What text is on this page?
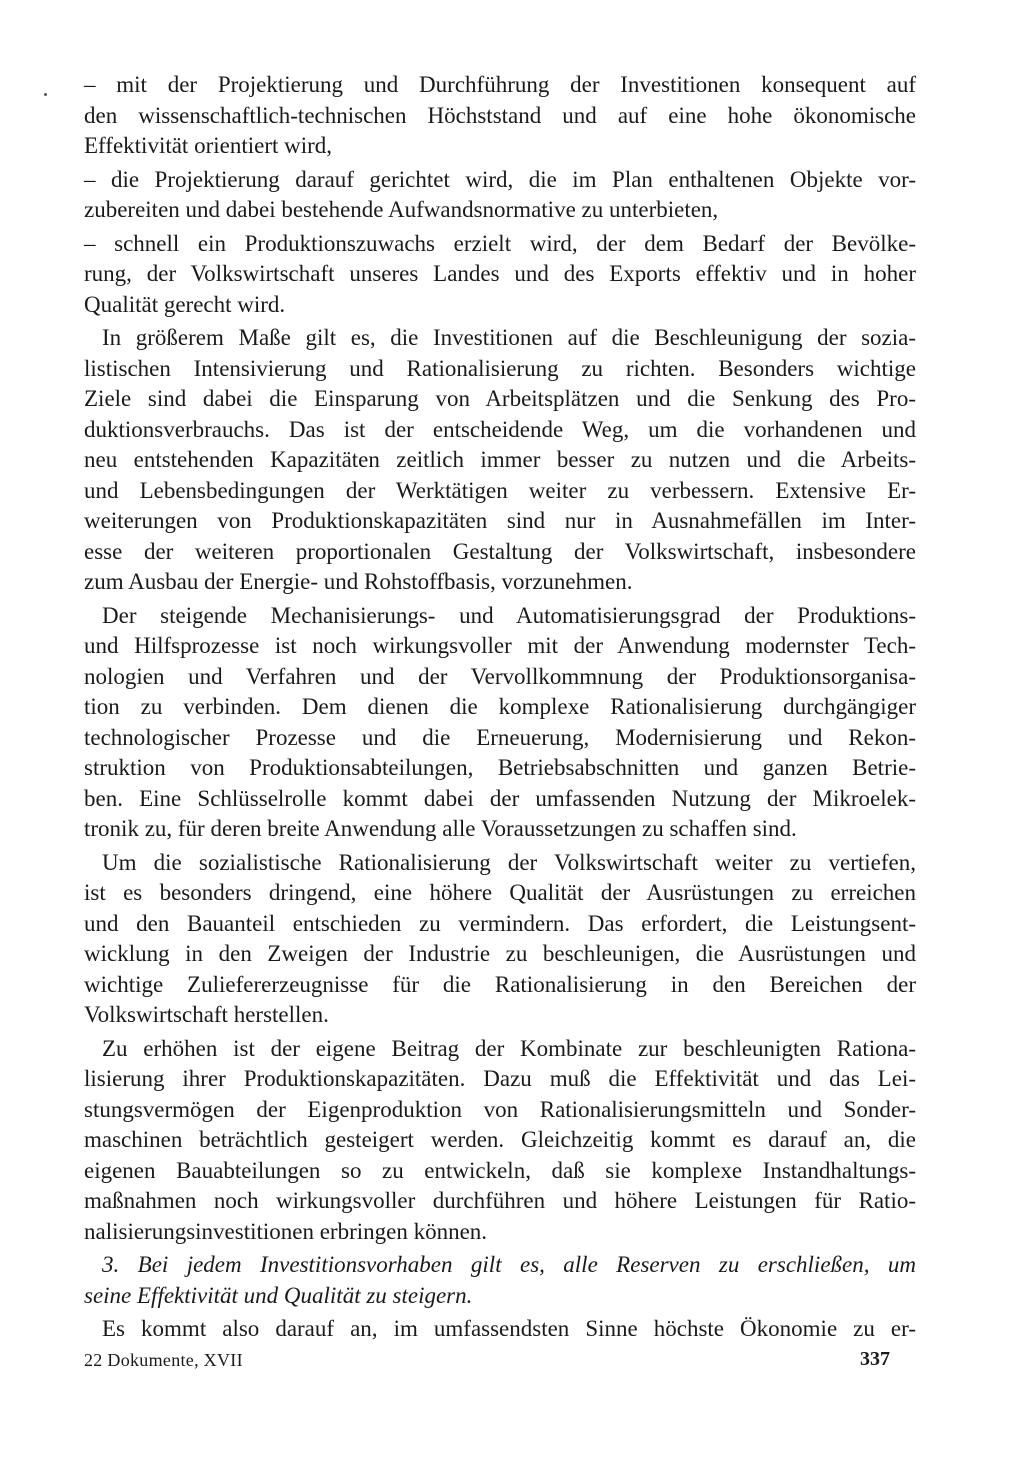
– mit der Projektierung und Durchführung der Investitionen konsequent auf
den wissenschaftlich-technischen Höchststand und auf eine hohe ökonomische
Effektivität orientiert wird,
– die Projektierung darauf gerichtet wird, die im Plan enthaltenen Objekte vor-
zubereiten und dabei bestehende Aufwandsnormative zu unterbieten,
– schnell ein Produktionszuwachs erzielt wird, der dem Bedarf der Bevölke-
rung, der Volkswirtschaft unseres Landes und des Exports effektiv und in hoher
Qualität gerecht wird.
In größerem Maße gilt es, die Investitionen auf die Beschleunigung der sozia-
listischen Intensivierung und Rationalisierung zu richten. Besonders wichtige
Ziele sind dabei die Einsparung von Arbeitsplätzen und die Senkung des Pro-
duktionsverbrauchs. Das ist der entscheidende Weg, um die vorhandenen und
neu entstehenden Kapazitäten zeitlich immer besser zu nutzen und die Arbeits-
und Lebensbedingungen der Werktätigen weiter zu verbessern. Extensive Er-
weiterungen von Produktionskapazitäten sind nur in Ausnahmefällen im Inter-
esse der weiteren proportionalen Gestaltung der Volkswirtschaft, insbesondere
zum Ausbau der Energie- und Rohstoffbasis, vorzunehmen.
Der steigende Mechanisierungs- und Automatisierungsgrad der Produktions-
und Hilfsprozesse ist noch wirkungsvoller mit der Anwendung modernster Tech-
nologien und Verfahren und der Vervollkommnung der Produktionsorganisa-
tion zu verbinden. Dem dienen die komplexe Rationalisierung durchgängiger
technologischer Prozesse und die Erneuerung, Modernisierung und Rekon-
struktion von Produktionsabteilungen, Betriebsabschnitten und ganzen Betrie-
ben. Eine Schlüsselrolle kommt dabei der umfassenden Nutzung der Mikroelek-
tronik zu, für deren breite Anwendung alle Voraussetzungen zu schaffen sind.
Um die sozialistische Rationalisierung der Volkswirtschaft weiter zu vertiefen,
ist es besonders dringend, eine höhere Qualität der Ausrüstungen zu erreichen
und den Bauanteil entschieden zu vermindern. Das erfordert, die Leistungsent-
wicklung in den Zweigen der Industrie zu beschleunigen, die Ausrüstungen und
wichtige Zuliefererzeugnisse für die Rationalisierung in den Bereichen der
Volkswirtschaft herstellen.
Zu erhöhen ist der eigene Beitrag der Kombinate zur beschleunigten Rationa-
lisierung ihrer Produktionskapazitäten. Dazu muß die Effektivität und das Lei-
stungsvermögen der Eigenproduktion von Rationalisierungsmitteln und Sonder-
maschinen beträchtlich gesteigert werden. Gleichzeitig kommt es darauf an, die
eigenen Bauabteilungen so zu entwickeln, daß sie komplexe Instandhaltungs-
maßnahmen noch wirkungsvoller durchführen und höhere Leistungen für Ratio-
nalisierungsinvestitionen erbringen können.
3. Bei jedem Investitionsvorhaben gilt es, alle Reserven zu erschließen, um
seine Effektivität und Qualität zu steigern.
Es kommt also darauf an, im umfassendsten Sinne höchste Ökonomie zu er-
22 Dokumente, XVII	337
